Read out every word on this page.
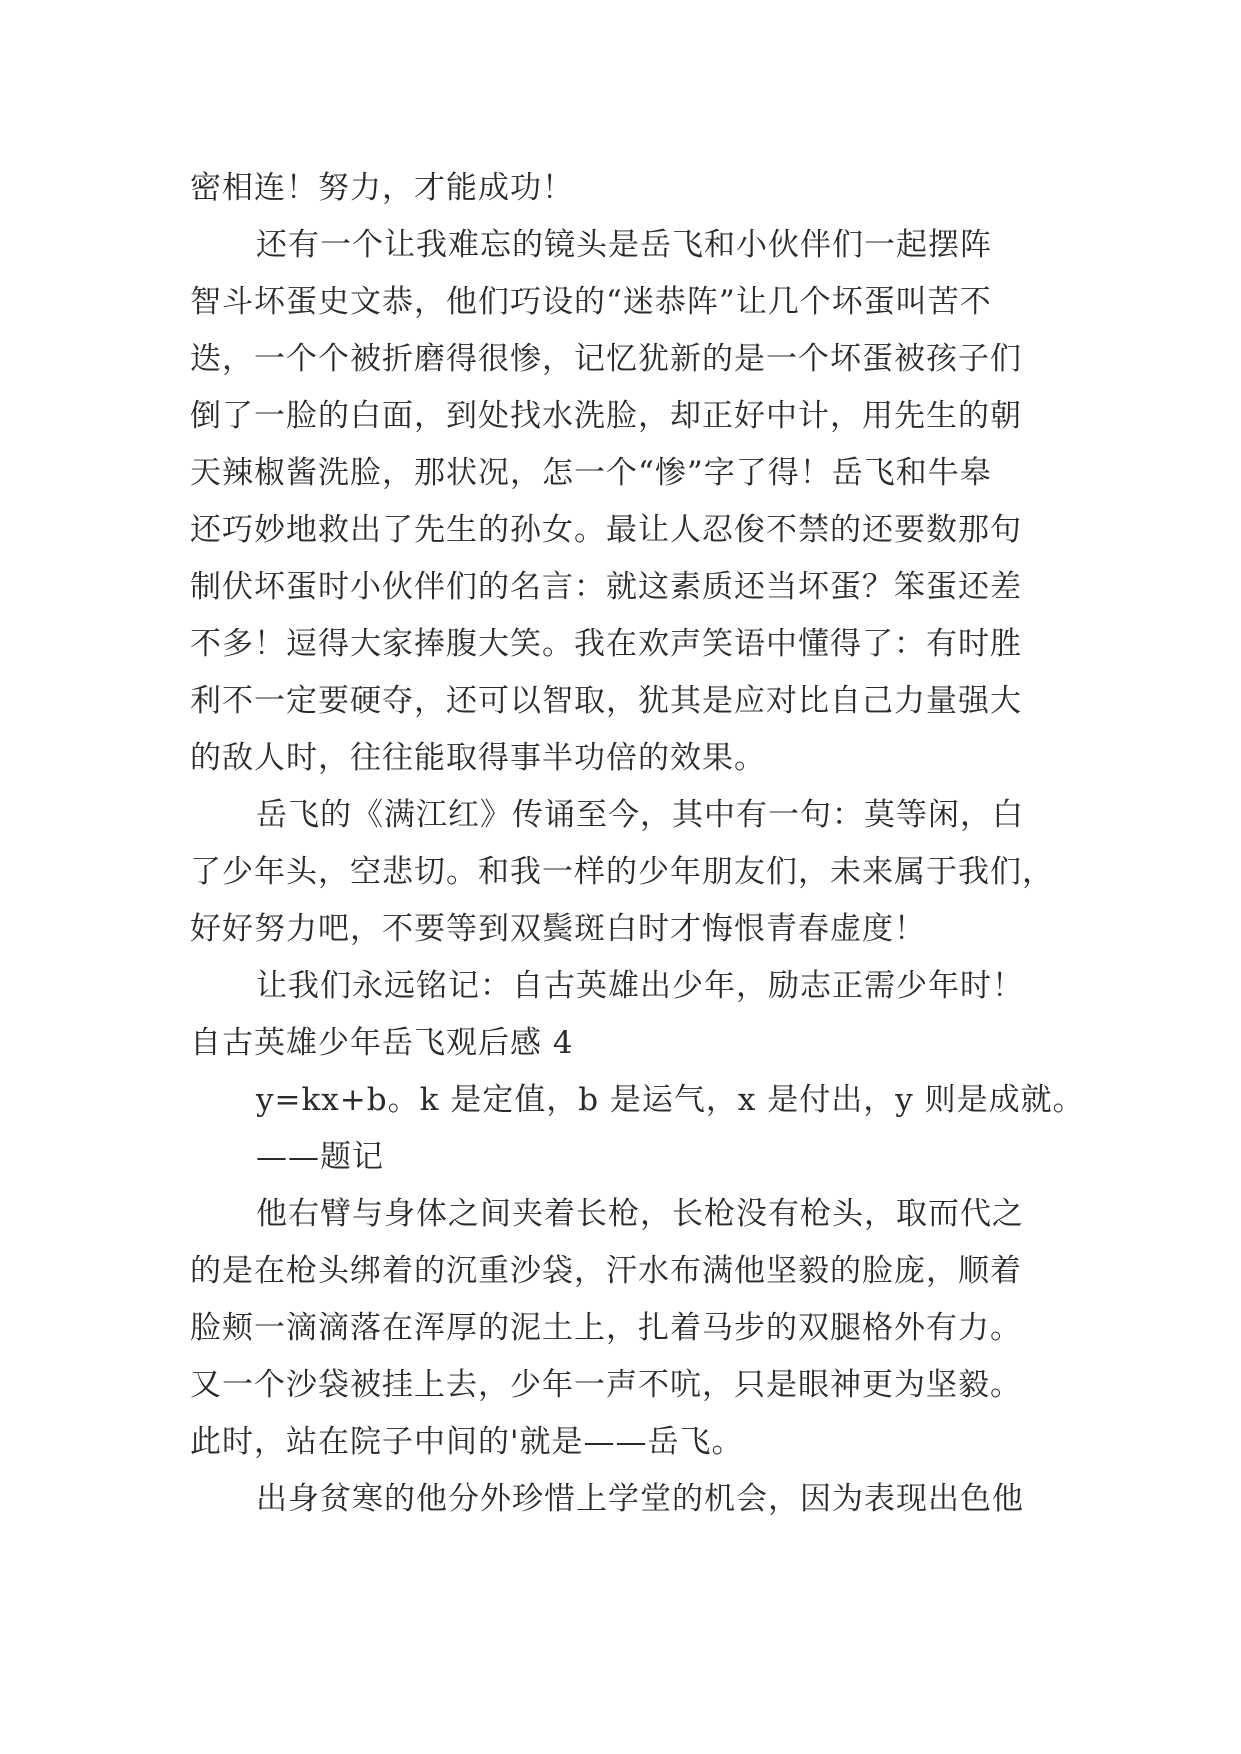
密相连！努力，才能成功！
还有一个让我难忘的镜头是岳飞和小伙伴们一起摆阵
智斗坏蛋史文恭，他们巧设的“迷恭阵”让几个坏蛋叫苦不
迭，一个个被折磨得很惨，记忆犹新的是一个坏蛋被孩子们
倒了一脸的白面，到处找水洗脸，却正好中计，用先生的朝
天辣椒酱洗脸，那状况，怎一个“惨”字了得！岳飞和牛皋
还巧妙地救出了先生的孙女。最让人忍俊不禁的还要数那句
制伏坏蛋时小伙伴们的名言：就这素质还当坏蛋？笨蛋还差
不多！逗得大家捧腹大笑。我在欢声笑语中懂得了：有时胜
利不一定要硬夺，还可以智取，犹其是应对比自己力量强大
的敌人时，往往能取得事半功倍的效果。
岳飞的《满江红》传诵至今，其中有一句：莫等闲，白
了少年头，空悲切。和我一样的少年朋友们，未来属于我们，
好好努力吧，不要等到双鬓斑白时才悔恨青春虚度！
让我们永远铭记：自古英雄出少年，励志正需少年时！
自古英雄少年岳飞观后感 4
y=kx+b。k 是定值，b 是运气，x 是付出，y 则是成就。
——题记
他右臂与身体之间夹着长枪，长枪没有枪头，取而代之
的是在枪头绑着的沉重沙袋，汗水布满他坚毅的脸庞，顺着
脸颊一滴滴落在浑厚的泥土上，扎着马步的双腿格外有力。
又一个沙袋被挂上去，少年一声不吭，只是眼神更为坚毅。
此时，站在院子中间的'就是——岳飞。
出身贫寒的他分外珍惜上学堂的机会，因为表现出色他
